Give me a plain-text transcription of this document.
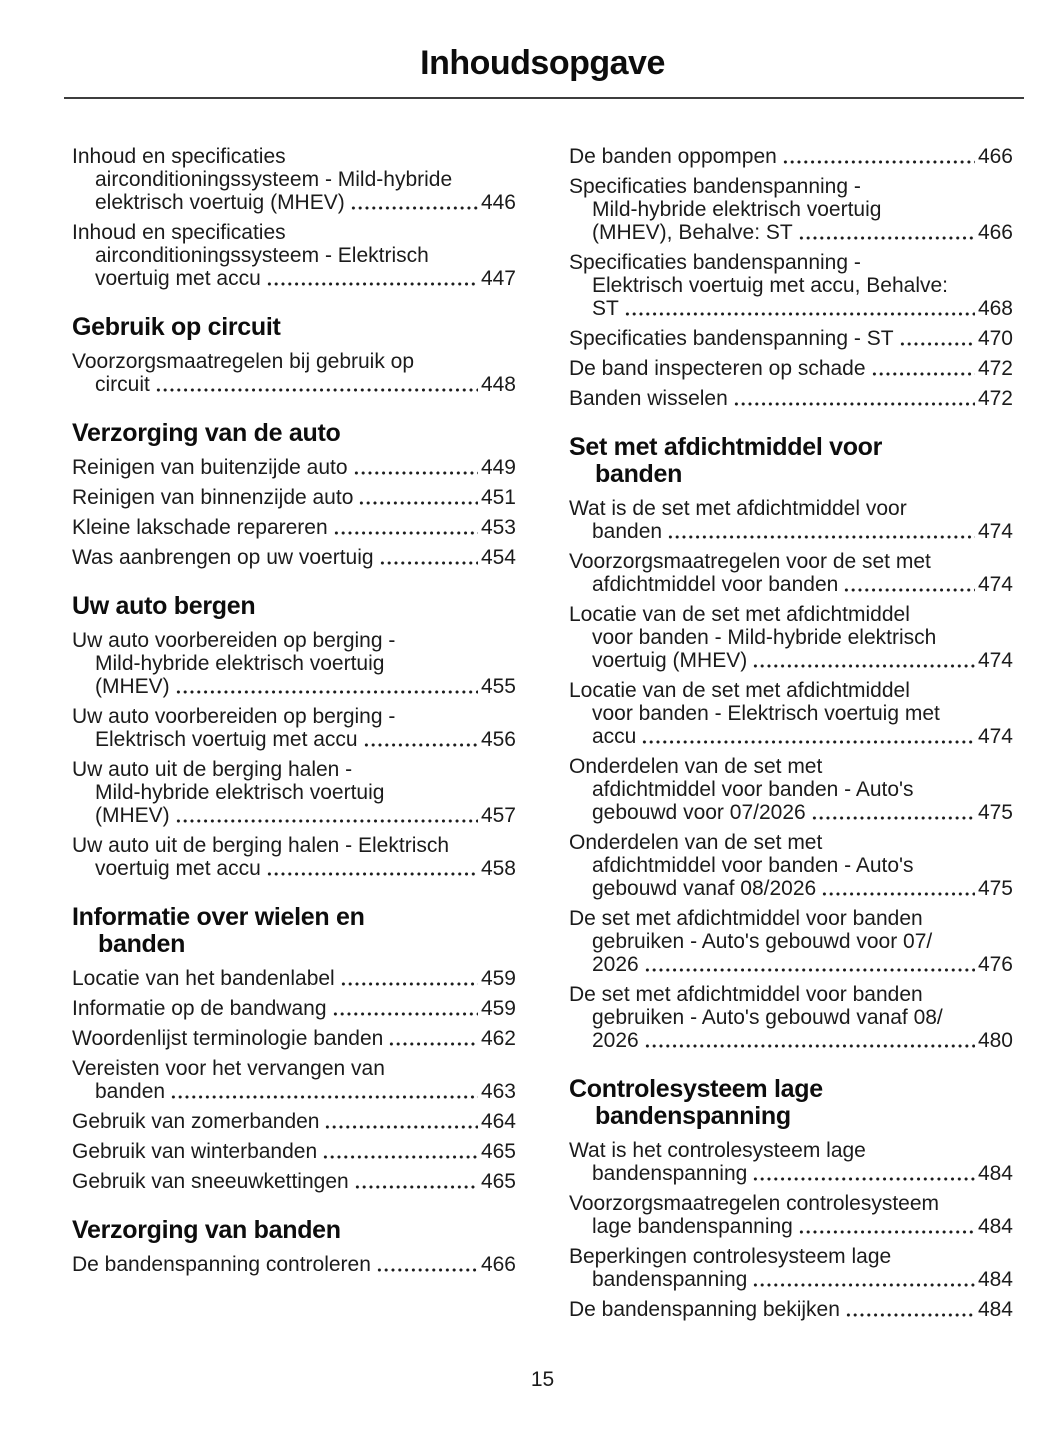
Inhoudsopgave
Inhoud en specificaties
airconditioningssysteem - Mild-hybride
elektrisch voertuig (MHEV)	446
Inhoud en specificaties
airconditioningssysteem - Elektrisch
voertuig met accu	447
Gebruik op circuit
Voorzorgsmaatregelen bij gebruik op
circuit	448
Verzorging van de auto
Reinigen van buitenzijde auto	449
Reinigen van binnenzijde auto	451
Kleine lakschade repareren	453
Was aanbrengen op uw voertuig	454
Uw auto bergen
Uw auto voorbereiden op berging -
Mild-hybride elektrisch voertuig
(MHEV)	455
Uw auto voorbereiden op berging -
Elektrisch voertuig met accu	456
Uw auto uit de berging halen -
Mild-hybride elektrisch voertuig
(MHEV)	457
Uw auto uit de berging halen - Elektrisch
voertuig met accu	458
Informatie over wielen en
banden
Locatie van het bandenlabel	459
Informatie op de bandwang	459
Woordenlijst terminologie banden	462
Vereisten voor het vervangen van
banden	463
Gebruik van zomerbanden	464
Gebruik van winterbanden	465
Gebruik van sneeuwkettingen	465
Verzorging van banden
De bandenspanning controleren	466
De banden oppompen	466
Specificaties bandenspanning -
Mild-hybride elektrisch voertuig
(MHEV), Behalve: ST	466
Specificaties bandenspanning -
Elektrisch voertuig met accu, Behalve:
ST	468
Specificaties bandenspanning - ST	470
De band inspecteren op schade	472
Banden wisselen	472
Set met afdichtmiddel voor
banden
Wat is de set met afdichtmiddel voor
banden	474
Voorzorgsmaatregelen voor de set met
afdichtmiddel voor banden	474
Locatie van de set met afdichtmiddel
voor banden - Mild-hybride elektrisch
voertuig (MHEV)	474
Locatie van de set met afdichtmiddel
voor banden - Elektrisch voertuig met
accu	474
Onderdelen van de set met
afdichtmiddel voor banden - Auto's
gebouwd voor 07/2026	475
Onderdelen van de set met
afdichtmiddel voor banden - Auto's
gebouwd vanaf 08/2026	475
De set met afdichtmiddel voor banden
gebruiken - Auto's gebouwd voor 07/
2026	476
De set met afdichtmiddel voor banden
gebruiken - Auto's gebouwd vanaf 08/
2026	480
Controlesysteem lage
bandenspanning
Wat is het controlesysteem lage
bandenspanning	484
Voorzorgsmaatregelen controlesysteem
lage bandenspanning	484
Beperkingen controlesysteem lage
bandenspanning	484
De bandenspanning bekijken	484
15
